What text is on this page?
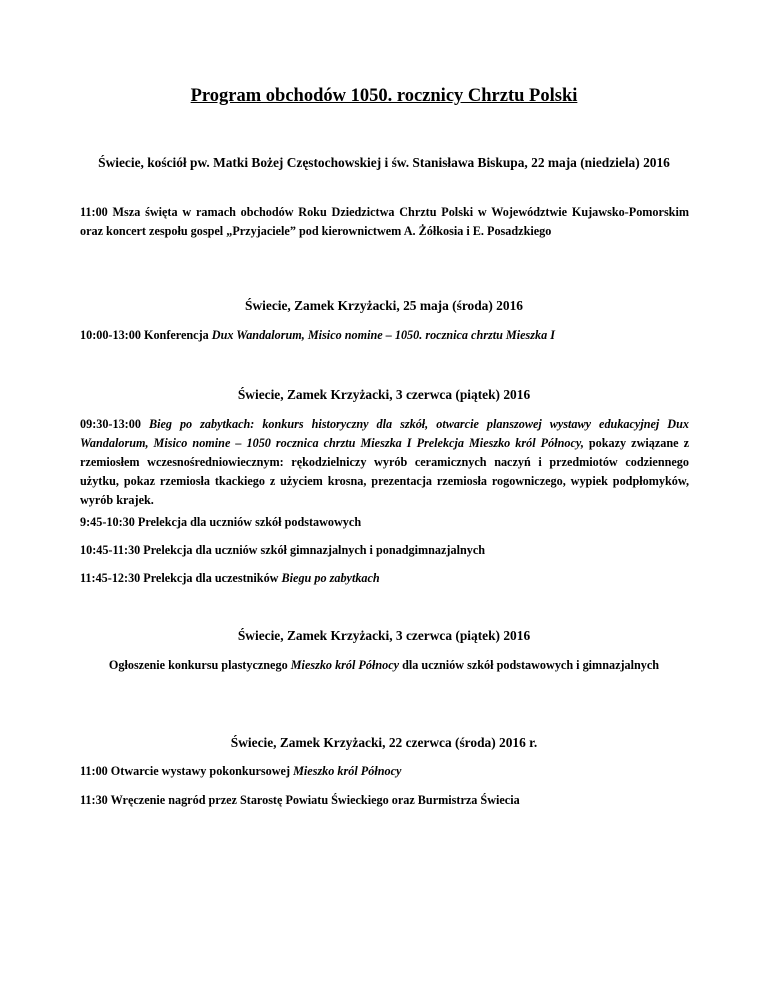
Program obchodów 1050. rocznicy Chrztu Polski
Świecie, kościół pw. Matki Bożej Częstochowskiej i św. Stanisława Biskupa, 22 maja (niedziela) 2016
11:00 Msza święta w ramach obchodów Roku Dziedzictwa Chrztu Polski w Województwie Kujawsko-Pomorskim oraz koncert zespołu gospel „Przyjaciele” pod kierownictwem A. Żółkosia i E. Posadzkiego
Świecie, Zamek Krzyżacki, 25 maja (środa) 2016
10:00-13:00 Konferencja Dux Wandalorum, Misico nomine – 1050. rocznica chrztu Mieszka I
Świecie, Zamek Krzyżacki, 3 czerwca (piątek) 2016
09:30-13:00 Bieg po zabytkach: konkurs historyczny dla szkół, otwarcie planszowej wystawy edukacyjnej Dux Wandalorum, Misico nomine – 1050 rocznica chrztu Mieszka I Prelekcja Mieszko król Północy, pokazy związane z rzemiosłem wczesnośredniowiecznym: rękodzielniczy wyrób ceramicznych naczyń i przedmiotów codziennego użytku, pokaz rzemiosła tkackiego z użyciem krosna, prezentacja rzemiosła rogowniczego, wypiek podpłomyków, wyrób krajek.
9:45-10:30 Prelekcja dla uczniów szkół podstawowych
10:45-11:30 Prelekcja dla uczniów szkół gimnazjalnych i ponadgimnazjalnych
11:45-12:30 Prelekcja dla uczestników Biegu po zabytkach
Świecie, Zamek Krzyżacki, 3 czerwca (piątek) 2016
Ogłoszenie konkursu plastycznego Mieszko król Północy dla uczniów szkół podstawowych i gimnazjalnych
Świecie, Zamek Krzyżacki, 22 czerwca (środa) 2016 r.
11:00 Otwarcie wystawy pokonkursowej Mieszko król Północy
11:30 Wręczenie nagród przez Starostę Powiatu Świeckiego oraz Burmistrza Świecia
